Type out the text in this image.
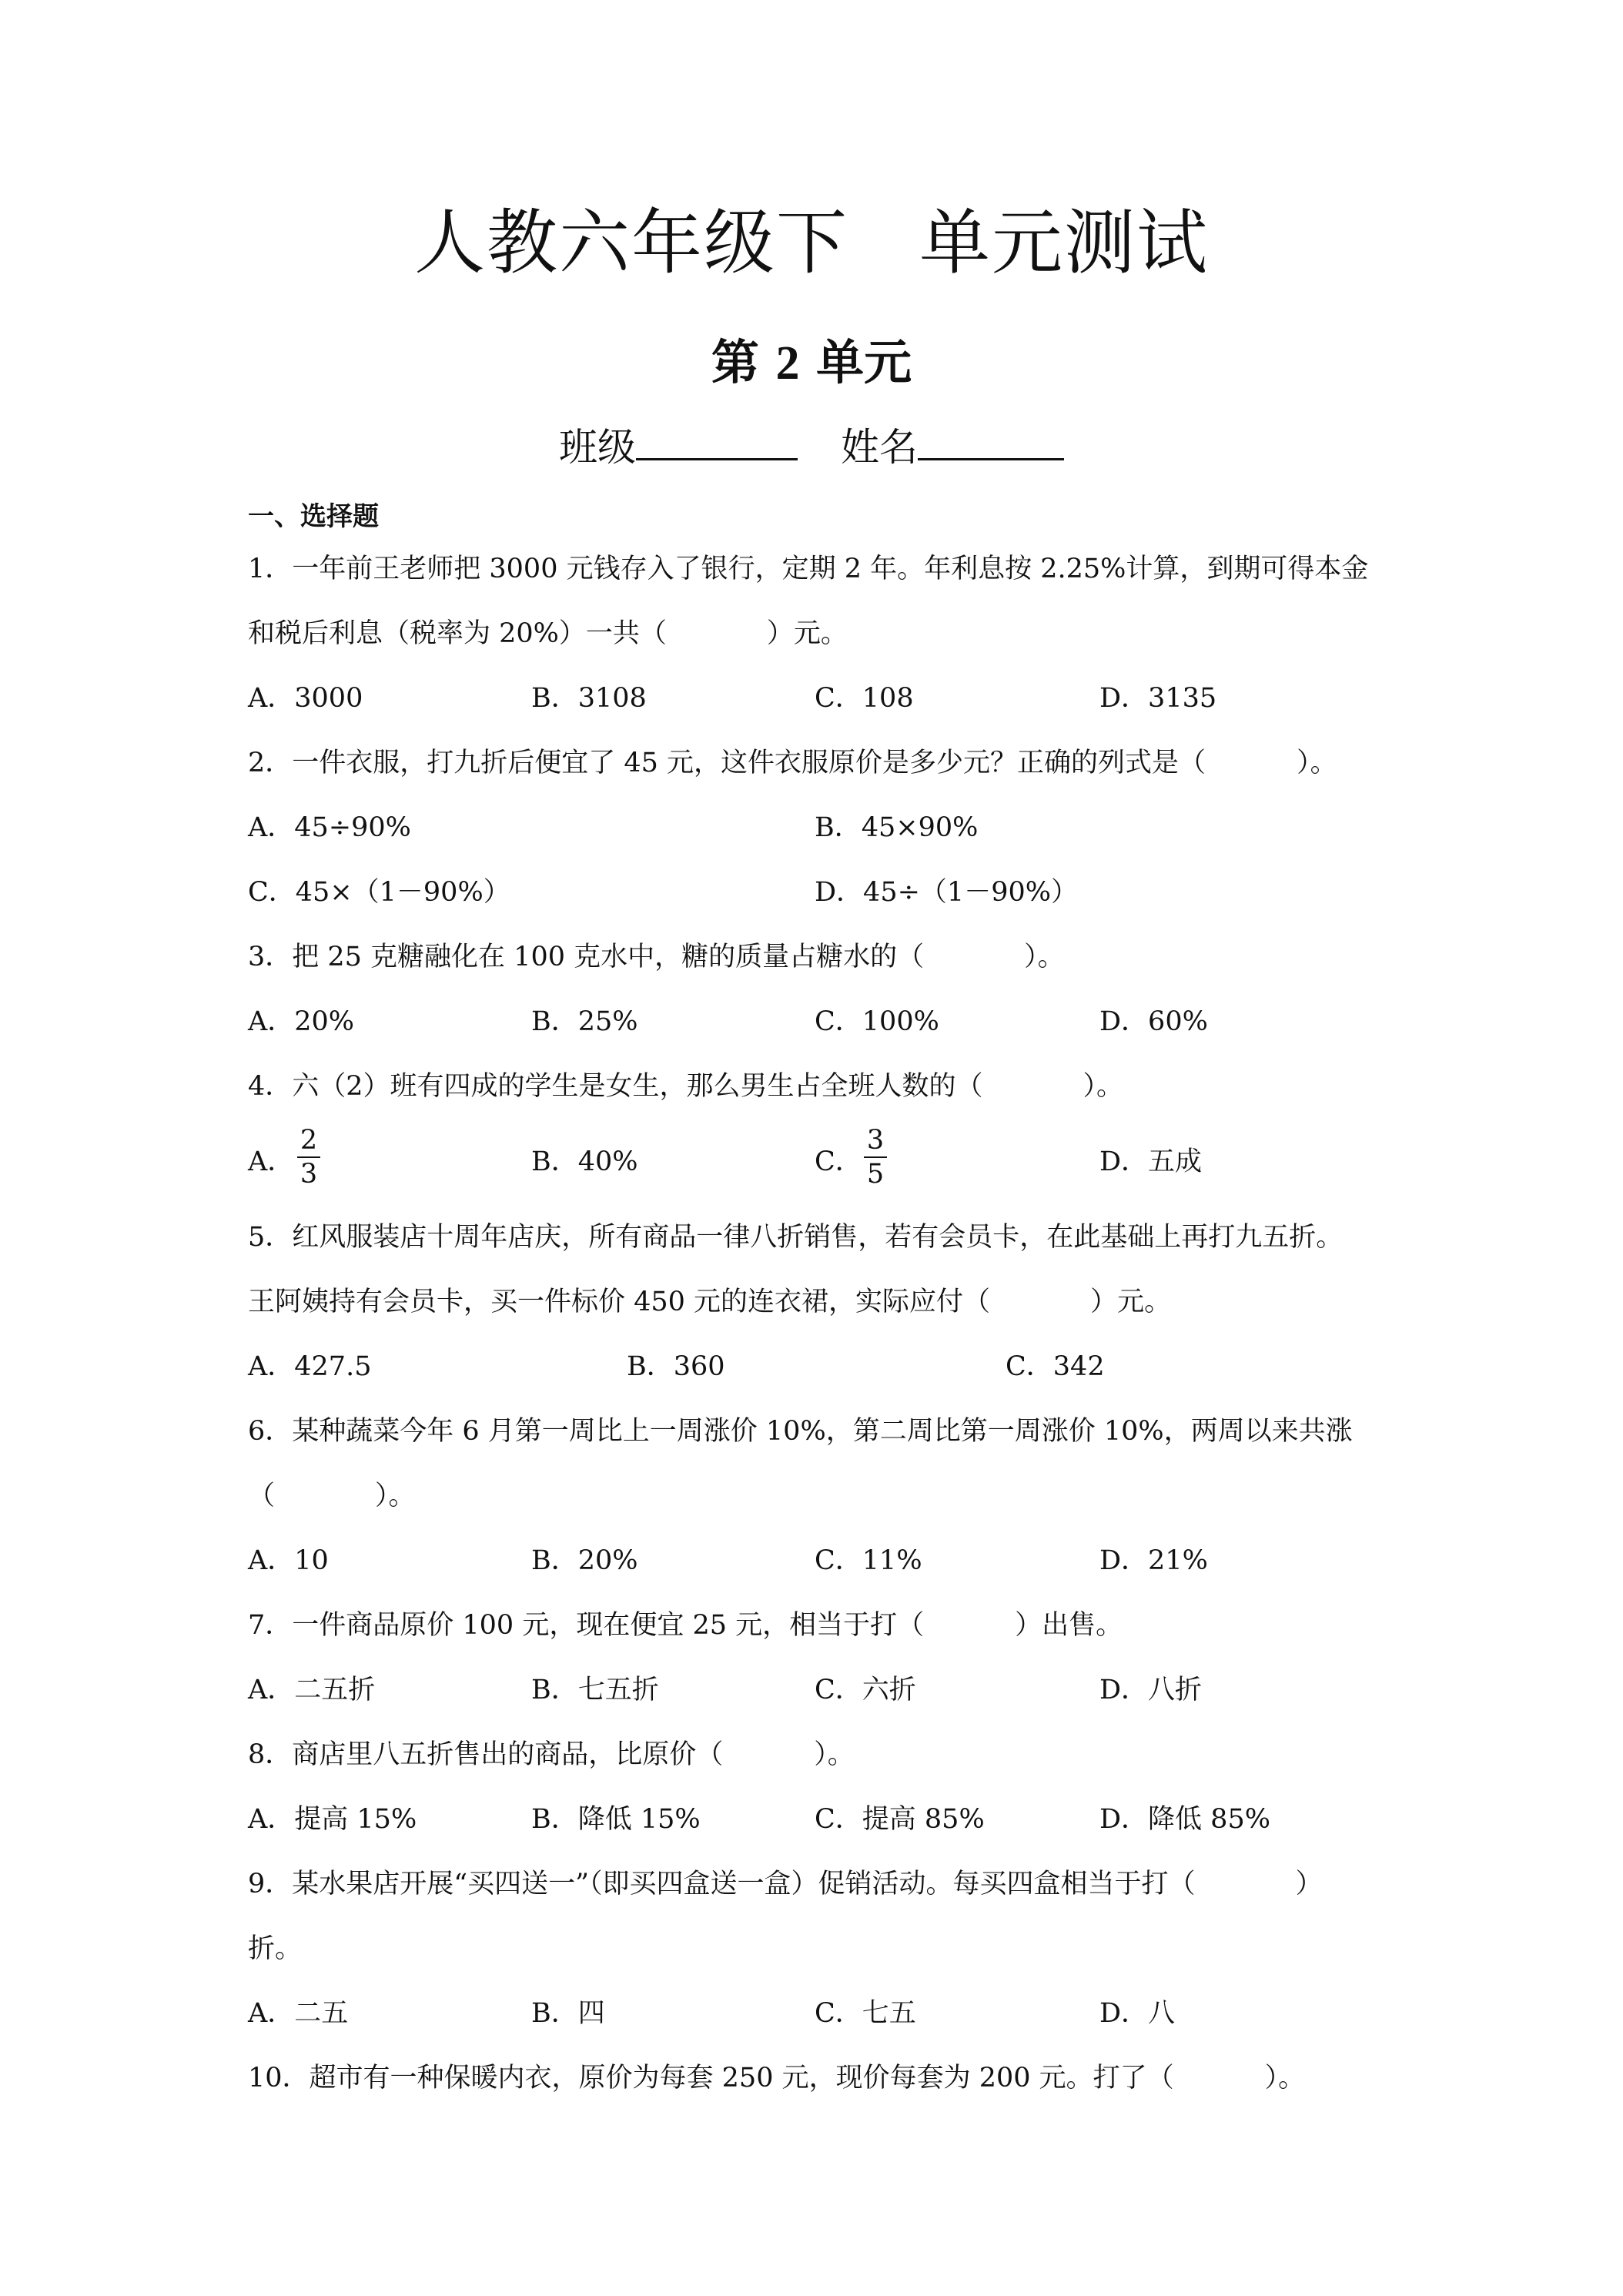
人教六年级下 单元测试
第 2 单元
班级	姓名
一、选择题
1．一年前王老师把 3000 元钱存入了银行，定期 2 年。年利息按 2.25%计算，到期可得本金
和税后利息（税率为 20%）一共（	）元。
A．3000	B．3108	C．108	D．3135
2．一件衣服，打九折后便宜了 45 元，这件衣服原价是多少元？正确的列式是（	）。
A．45÷90%	B．45×90%
C．45×（1－90%）	D．45÷（1－90%）
3．把 25 克糖融化在 100 克水中，糖的质量占糖水的（	）。
A．20%	B．25%	C．100%	D．60%
4．六（2）班有四成的学生是女生，那么男生占全班人数的（	）。
A．
2
3	B．40%	C．
3
5	D．五成
5．红风服装店十周年店庆，所有商品一律八折销售，若有会员卡，在此基础上再打九五折。
王阿姨持有会员卡，买一件标价 450 元的连衣裙，实际应付（	）元。
A．427.5	B．360	C．342
6．某种蔬菜今年 6 月第一周比上一周涨价 10%，第二周比第一周涨价 10%，两周以来共涨
（	）。
A．10	B．20%	C．11%	D．21%
7．一件商品原价 100 元，现在便宜 25 元，相当于打（	）出售。
A．二五折	B．七五折	C．六折	D．八折
8．商店里八五折售出的商品，比原价（	）。
A．提高 15%	B．降低 15%	C．提高 85%	D．降低 85%
9．某水果店开展“买四送一”（即买四盒送一盒）促销活动。每买四盒相当于打（	）
折。
A．二五	B．四	C．七五	D．八
10．超市有一种保暖内衣，原价为每套 250 元，现价每套为 200 元。打了（	）。
